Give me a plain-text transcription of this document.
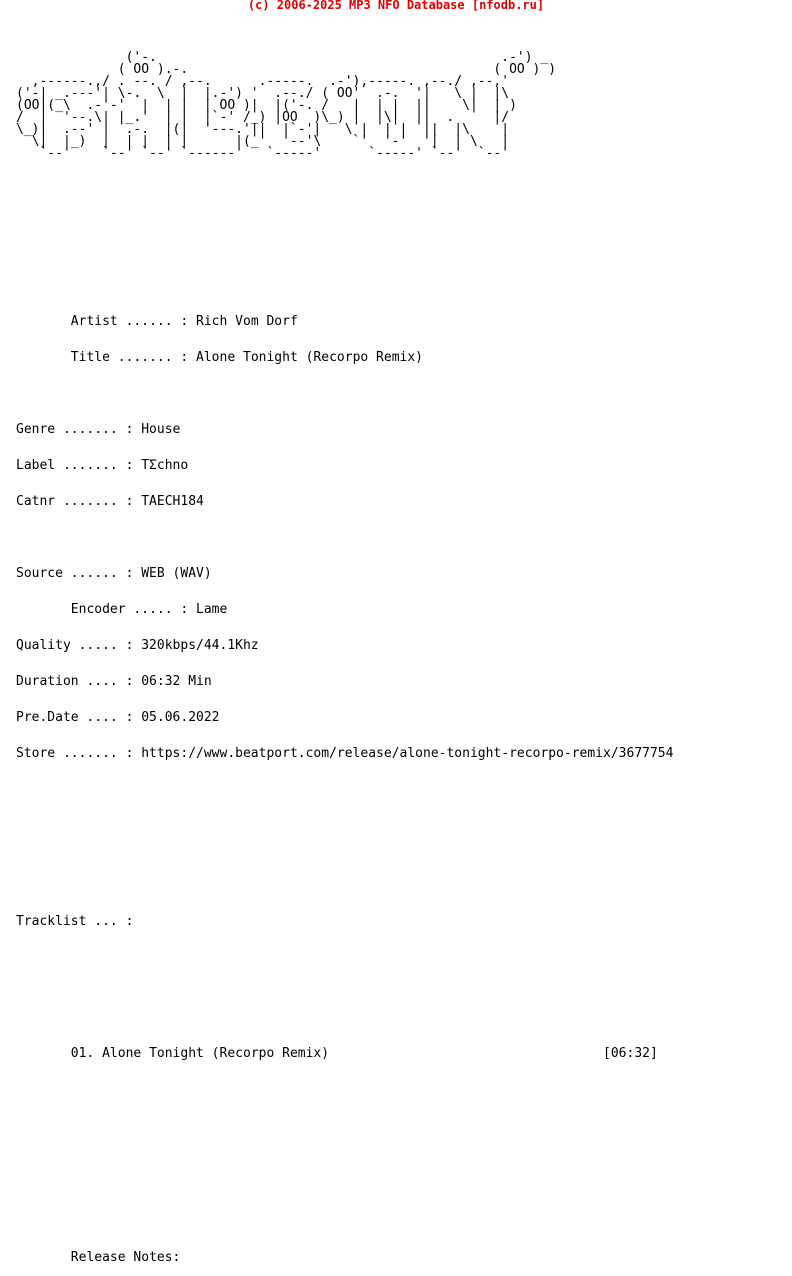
(c) 2006-2025 MP3 NFO Database [nfodb.ru]

('-.                                            .-') _
( OO ).-.                                       ( OO ) )
,------.,/ . --. / ,--.      .-----.  .-'),-----. ,--./ ,--,'
('-| _.---'| \-.  \  |  |.-') '  .--./ ( OO'  .-.  '|   \ |  |\
(OO|(_\  .-'-'  |  | |  | OO )|  |('-. /   |  | |  ||    \|  | )
/  |  '--.\| |_.'  | |  |`-' /_) |OO  )\_) |  |\|  ||  .     |/
\_)|  .--' |  .-.  |(|  '---.'||  |`-'|   \ |  | |  ||  |\    |
\|  |_)  |  | |  | |      |(_'  '--'\    `'  '-'  '|  | \   |
`--'    `--' `--' `------'   `-----'      `-----' `--'  `--'

Artist ...... : Rich Vom Dorf

Title ....... : Alone Tonight (Recorpo Remix)

Genre ....... : House

Label ....... : TΣchno

Catnr ....... : TAECH184

Source ...... : WEB (WAV)

Encoder ..... : Lame

Quality ..... : 320kbps/44.1Khz

Duration .... : 06:32 Min

Pre.Date .... : 05.06.2022

Store ....... : https://www.beatport.com/release/alone-tonight-recorpo-remix/3677754

Tracklist ... :

01. Alone Tonight (Recorpo Remix)	[06:32]

Release Notes:
